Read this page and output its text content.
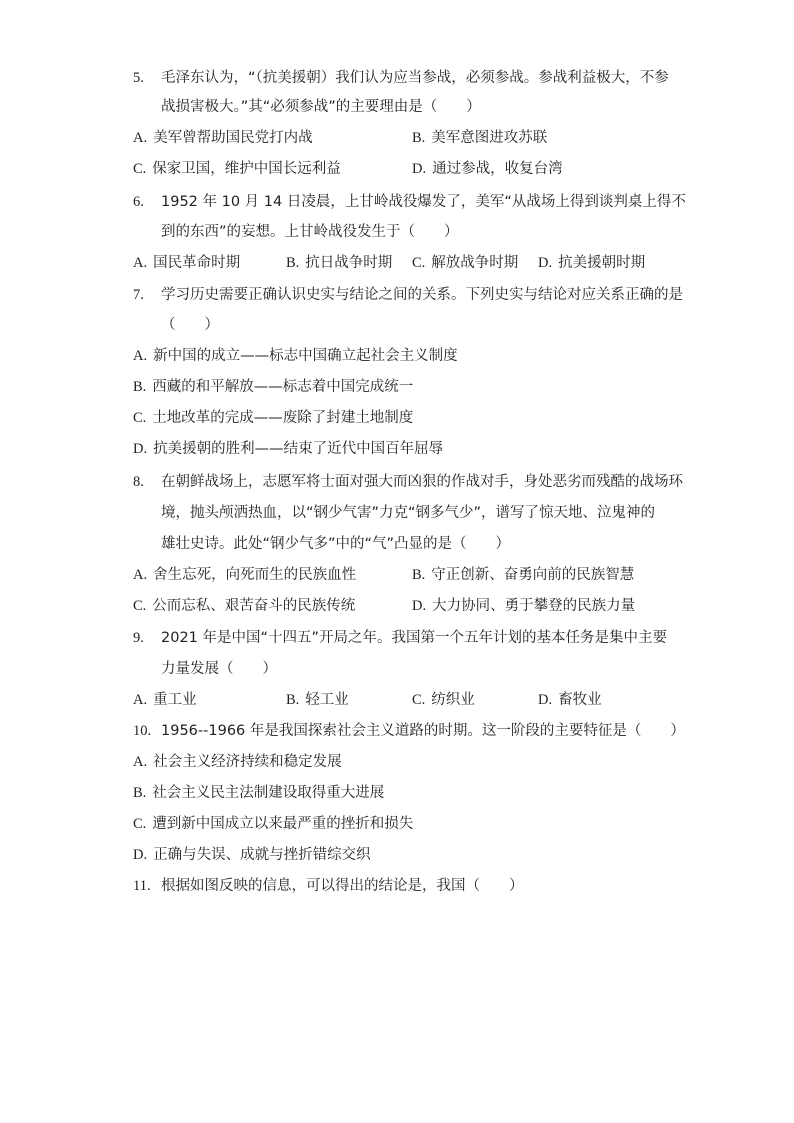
5. 毛泽东认为，“（抗美援朝）我们认为应当参战，必须参战。参战利益极大，不参
战损害极大。”其“必须参战”的主要理由是（　　）
A. 美军曾帮助国民党打内战	B. 美军意图进攻苏联
C. 保家卫国，维护中国长远利益	D. 通过参战，收复台湾
6. 1952 年 10 月 14 日凌晨，上甘岭战役爆发了，美军“从战场上得到谈判桌上得不
到的东西”的妄想。上甘岭战役发生于（　　）
A. 国民革命时期	B. 抗日战争时期 C. 解放战争时期 D. 抗美援朝时期
7. 学习历史需要正确认识史实与结论之间的关系。下列史实与结论对应关系正确的是
（　　）
A. 新中国的成立——标志中国确立起社会主义制度
B. 西藏的和平解放——标志着中国完成统一
C. 土地改革的完成——废除了封建土地制度
D. 抗美援朝的胜利——结束了近代中国百年屈辱
8. 在朝鲜战场上，志愿军将士面对强大而凶狠的作战对手，身处恶劣而残酷的战场环
境，抛头颅洒热血，以“钢少气害”力克“钢多气少”，谱写了惊天地、泣鬼神的
雄壮史诗。此处“钢少气多”中的“气”凸显的是（　　）
A. 舍生忘死，向死而生的民族血性	B. 守正创新、奋勇向前的民族智慧
C. 公而忘私、艰苦奋斗的民族传统	D. 大力协同、勇于攀登的民族力量
9. 2021 年是中国“十四五”开局之年。我国第一个五年计划的基本任务是集中主要
力量发展（　　）
A. 重工业	B. 轻工业	C. 纺织业	D. 畜牧业
10. 1956--1966 年是我国探索社会主义道路的时期。这一阶段的主要特征是（　　）
A. 社会主义经济持续和稳定发展
B. 社会主义民主法制建设取得重大进展
C. 遭到新中国成立以来最严重的挫折和损失
D. 正确与失误、成就与挫折错综交织
11. 根据如图反映的信息，可以得出的结论是，我国（　　）
